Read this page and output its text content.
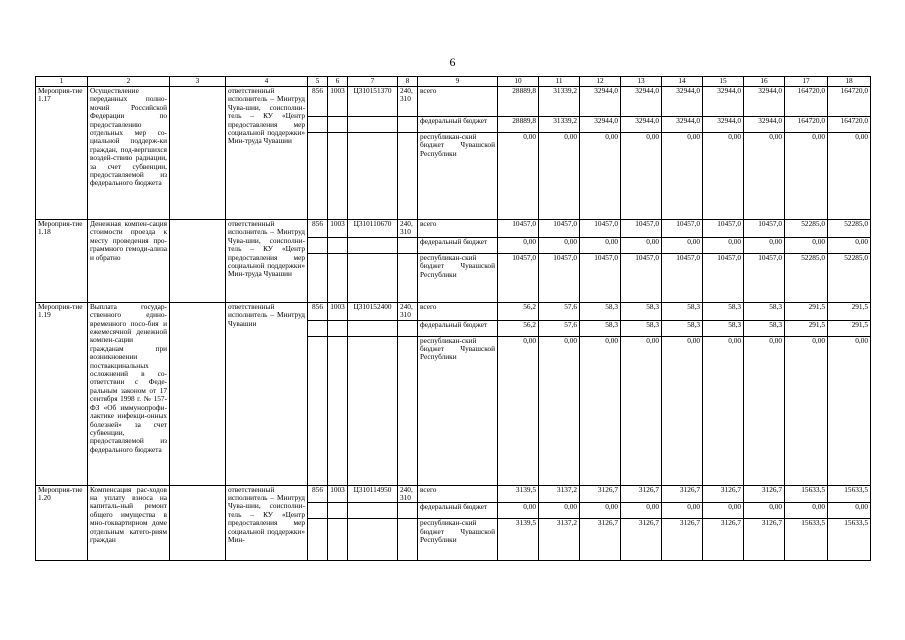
6
1	2	3	4	5	6	7	8	9	10	11	12	13	14	15	16	17	18
Мероприя-тие 1.17	Осуществление переданных полно-мочий Российской Федерации по предоставлению отдельных мер со-циальной поддерж-ки граждан, под-вергшихся воздей-ствию радиации, за счет субвенции, предоставляемой из федерального бюджета		ответственный исполнитель – Минтруд Чува-шии, соисполни-тель – КУ «Центр предоставления мер социальной поддержки» Мин-труда Чувашии	856	1003	Ц310151370	240, 310	всего	28889,8	31339,2	32944,0	32944,0	32944,0	32944,0	32944,0	164720,0	164720,0
								федеральный бюджет	28889,8	31339,2	32944,0	32944,0	32944,0	32944,0	32944,0	164720,0	164720,0
								республикан-ский бюджет Чувашской Республики	0,00	0,00	0,00	0,00	0,00	0,00	0,00	0,00	0,00
Мероприя-тие 1.18	Денежная компен-сация стоимости проезда к месту проведения про-граммного гемоди-ализа и обратно		ответственный исполнитель – Минтруд Чува-шии, соисполни-тель – КУ «Центр предоставления мер социальной поддержки» Мин-труда Чувашии	856	1003	Ц310110670	240, 310	всего	10457,0	10457,0	10457,0	10457,0	10457,0	10457,0	10457,0	52285,0	52285,0
								федеральный бюджет	0,00	0,00	0,00	0,00	0,00	0,00	0,00	0,00	0,00
								республикан-ский бюджет Чувашской Республики	10457,0	10457,0	10457,0	10457,0	10457,0	10457,0	10457,0	52285,0	52285,0
Мероприя-тие 1.19	Выплата государ-ственного едино-временного посо-бия и ежемесячной денежной компен-сации гражданам при возникновении поствакцинальных осложнений в со-ответствии с Феде-ральным законом от 17 сентября 1998 г. № 157-ФЗ «Об иммунопрофи-лактике инфекци-онных болезней» за счет субвенции, предоставляемой из федерального бюджета		ответственный исполнитель – Минтруд Чувашии	856	1003	Ц310152400	240, 310	всего	56,2	57,6	58,3	58,3	58,3	58,3	58,3	291,5	291,5
								федеральный бюджет	56,2	57,6	58,3	58,3	58,3	58,3	58,3	291,5	291,5
								республикан-ский бюджет Чувашской Республики	0,00	0,00	0,00	0,00	0,00	0,00	0,00	0,00	0,00
Мероприя-тие 1.20	Компенсация рас-ходов на уплату взноса на капиталь-ный ремонт общего имущества в мно-гоквартирном доме отдельным катего-риям граждан		ответственный исполнитель – Минтруд Чува-шии, соисполни-тель – КУ «Центр предоставления мер социальной поддержки» Мин-	856	1003	Ц310114950	240, 310	всего	3139,5	3137,2	3126,7	3126,7	3126,7	3126,7	3126,7	15633,5	15633,5
								федеральный бюджет	0,00	0,00	0,00	0,00	0,00	0,00	0,00	0,00	0,00
								республикан-ский бюджет Чувашской Республики	3139,5	3137,2	3126,7	3126,7	3126,7	3126,7	3126,7	15633,5	15633,5
